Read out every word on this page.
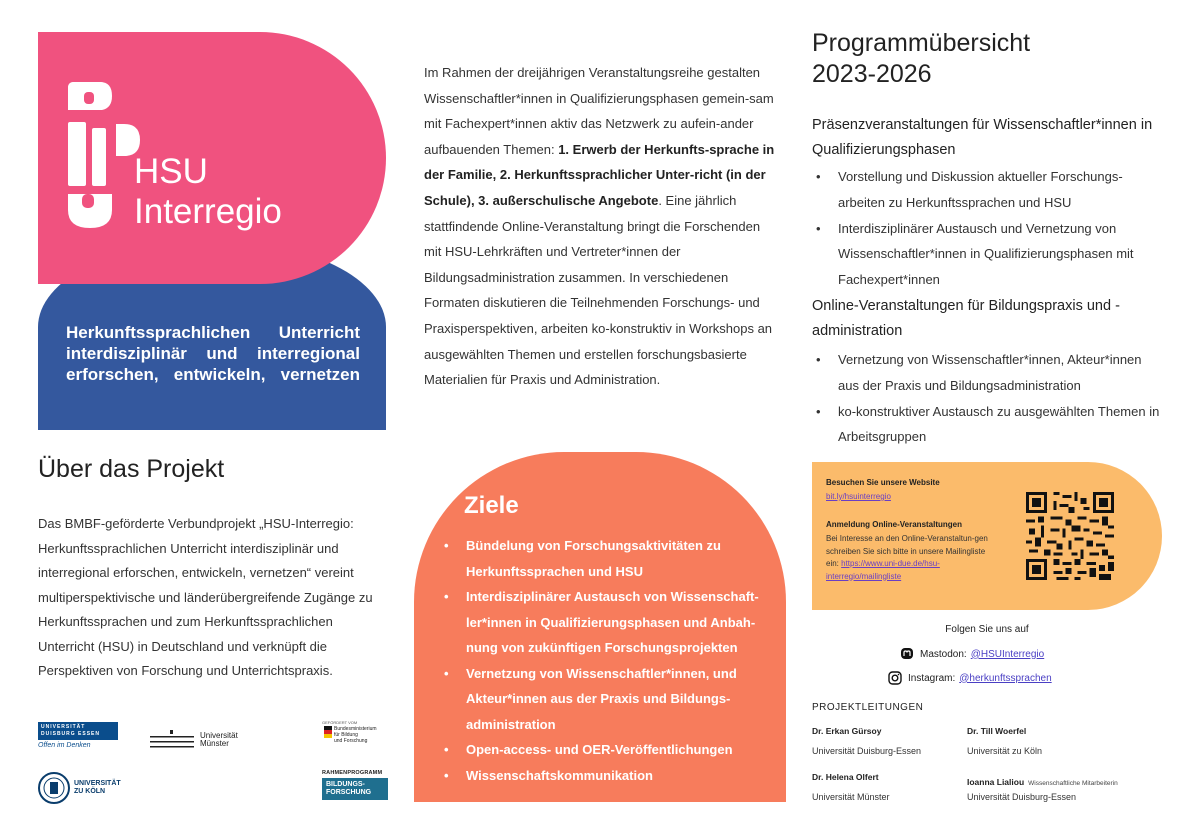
HSU
Interregio
Herkunftssprachlichen Unterricht interdisziplinär und interregional erforschen, entwickeln, vernetzen
Über das Projekt
Das BMBF-geförderte Verbundprojekt „HSU-Interregio: Herkunftssprachlichen Unterricht interdisziplinär und interregional erforschen, entwickeln, vernetzen“ vereint multiperspektivische und länderübergreifende Zugänge zu Herkunftssprachen und zum Herkunftssprachlichen Unterricht (HSU) in Deutschland und verknüpft die Perspektiven von Forschung und Unterrichtspraxis.
UNIVERSITÄT DUISBURG ESSEN
Offen im Denken
Universität
Münster
GEFÖRDERT VOM
Bundesministerium
für Bildung
und Forschung
UNIVERSITÄT
ZU KÖLN
RAHMENPROGRAMM
BILDUNGS-
FORSCHUNG
Im Rahmen der dreijährigen Veranstaltungsreihe gestalten Wissenschaftler*innen in Qualifizierungsphasen gemein-sam mit Fachexpert*innen aktiv das Netzwerk zu aufein-ander aufbauenden Themen: 1. Erwerb der Herkunfts-sprache in der Familie, 2. Herkunftssprachlicher Unter-richt (in der Schule), 3. außerschulische Angebote. Eine jährlich stattfindende Online-Veranstaltung bringt die Forschenden mit HSU-Lehrkräften und Vertreter*innen der Bildungsadministration zusammen. In verschiedenen Formaten diskutieren die Teilnehmenden Forschungs- und Praxisperspektiven, arbeiten ko-konstruktiv in Workshops an ausgewählten Themen und erstellen forschungsbasierte Materialien für Praxis und Administration.
Ziele
• Bündelung von Forschungsaktivitäten zu Herkunftssprachen und HSU
• Interdisziplinärer Austausch von Wissenschaft-ler*innen in Qualifizierungsphasen und Anbah-nung von zukünftigen Forschungsprojekten
• Vernetzung von Wissenschaftler*innen, und Akteur*innen aus der Praxis und Bildungs-administration
• Open-access- und OER-Veröffentlichungen
• Wissenschaftskommunikation
Programmübersicht
2023-2026
Präsenzveranstaltungen für Wissenschaftler*innen in Qualifizierungsphasen
• Vorstellung und Diskussion aktueller Forschungs-arbeiten zu Herkunftssprachen und HSU
• Interdisziplinärer Austausch und Vernetzung von Wissenschaftler*innen in Qualifizierungsphasen mit Fachexpert*innen
Online-Veranstaltungen für Bildungspraxis und -administration
• Vernetzung von Wissenschaftler*innen, Akteur*innen aus der Praxis und Bildungsadministration
• ko-konstruktiver Austausch zu ausgewählten Themen in Arbeitsgruppen
Besuchen Sie unsere Website
bit.ly/hsuinterregio
Anmeldung Online-Veranstaltungen
Bei Interesse an den Online-Veranstaltun-gen schreiben Sie sich bitte in unsere Mailingliste ein: https://www.uni-due.de/hsu-interregio/mailingliste
Folgen Sie uns auf
Mastodon: @HSUInterregio
Instagram: @herkunftssprachen
PROJEKTLEITUNGEN
Dr. Erkan Gürsoy
Universität Duisburg-Essen
Dr. Till Woerfel
Universität zu Köln
Dr. Helena Olfert
Universität Münster
Ioanna Lialiou Wissenschaftliche Mitarbeiterin
Universität Duisburg-Essen
